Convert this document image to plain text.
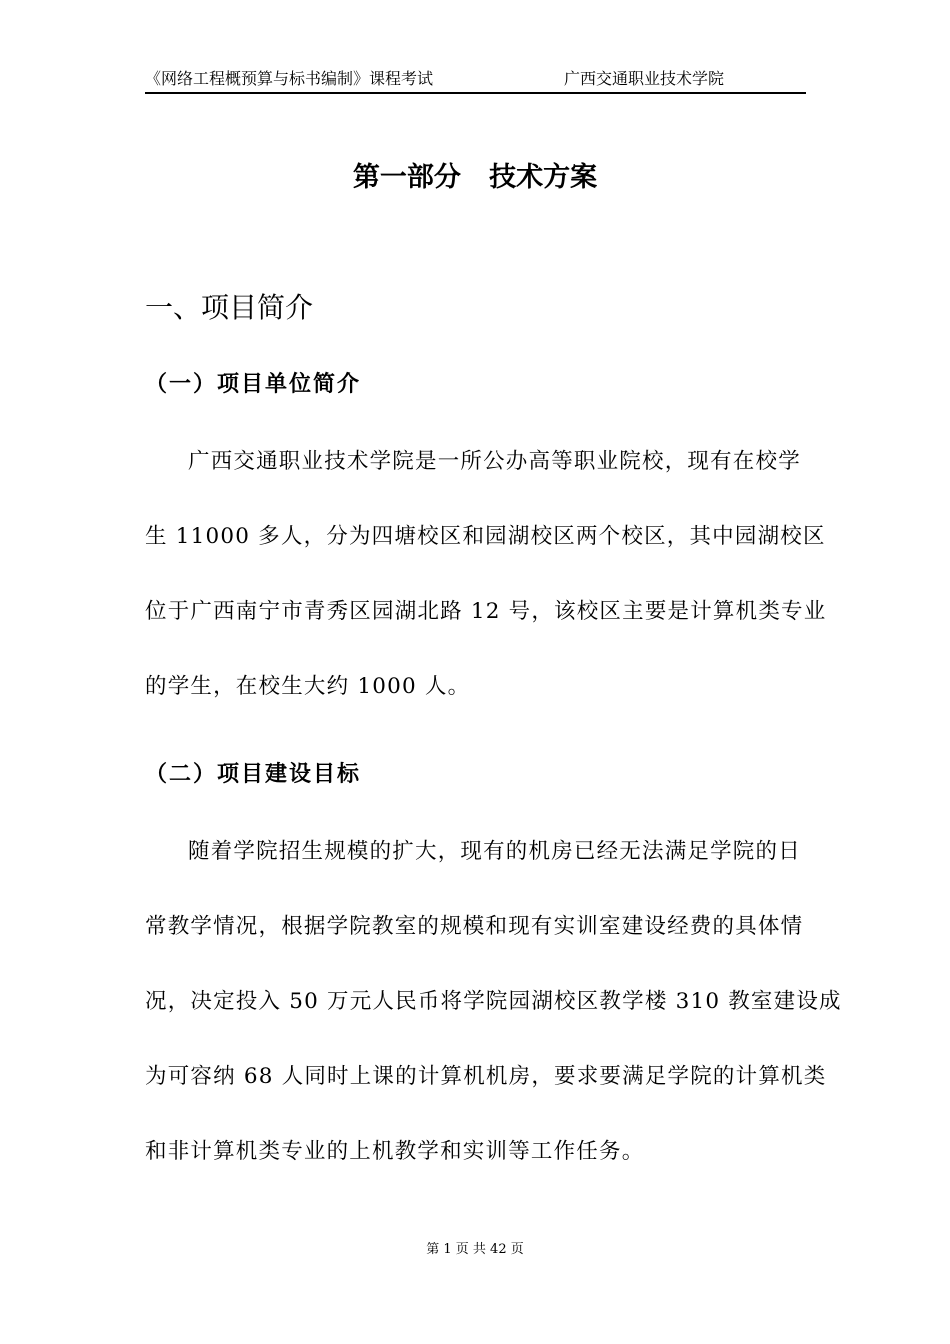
《网络工程概预算与标书编制》课程考试	广西交通职业技术学院
第一部分   技术方案
一、项目简介
（一）项目单位简介
广西交通职业技术学院是一所公办高等职业院校，现有在校学
生 11000 多人，分为四塘校区和园湖校区两个校区，其中园湖校区
位于广西南宁市青秀区园湖北路 12 号，该校区主要是计算机类专业
的学生，在校生大约 1000 人。
（二）项目建设目标
随着学院招生规模的扩大，现有的机房已经无法满足学院的日
常教学情况，根据学院教室的规模和现有实训室建设经费的具体情
况，决定投入 50 万元人民币将学院园湖校区教学楼 310 教室建设成
为可容纳 68 人同时上课的计算机机房，要求要满足学院的计算机类
和非计算机类专业的上机教学和实训等工作任务。
第 1 页 共 42 页
